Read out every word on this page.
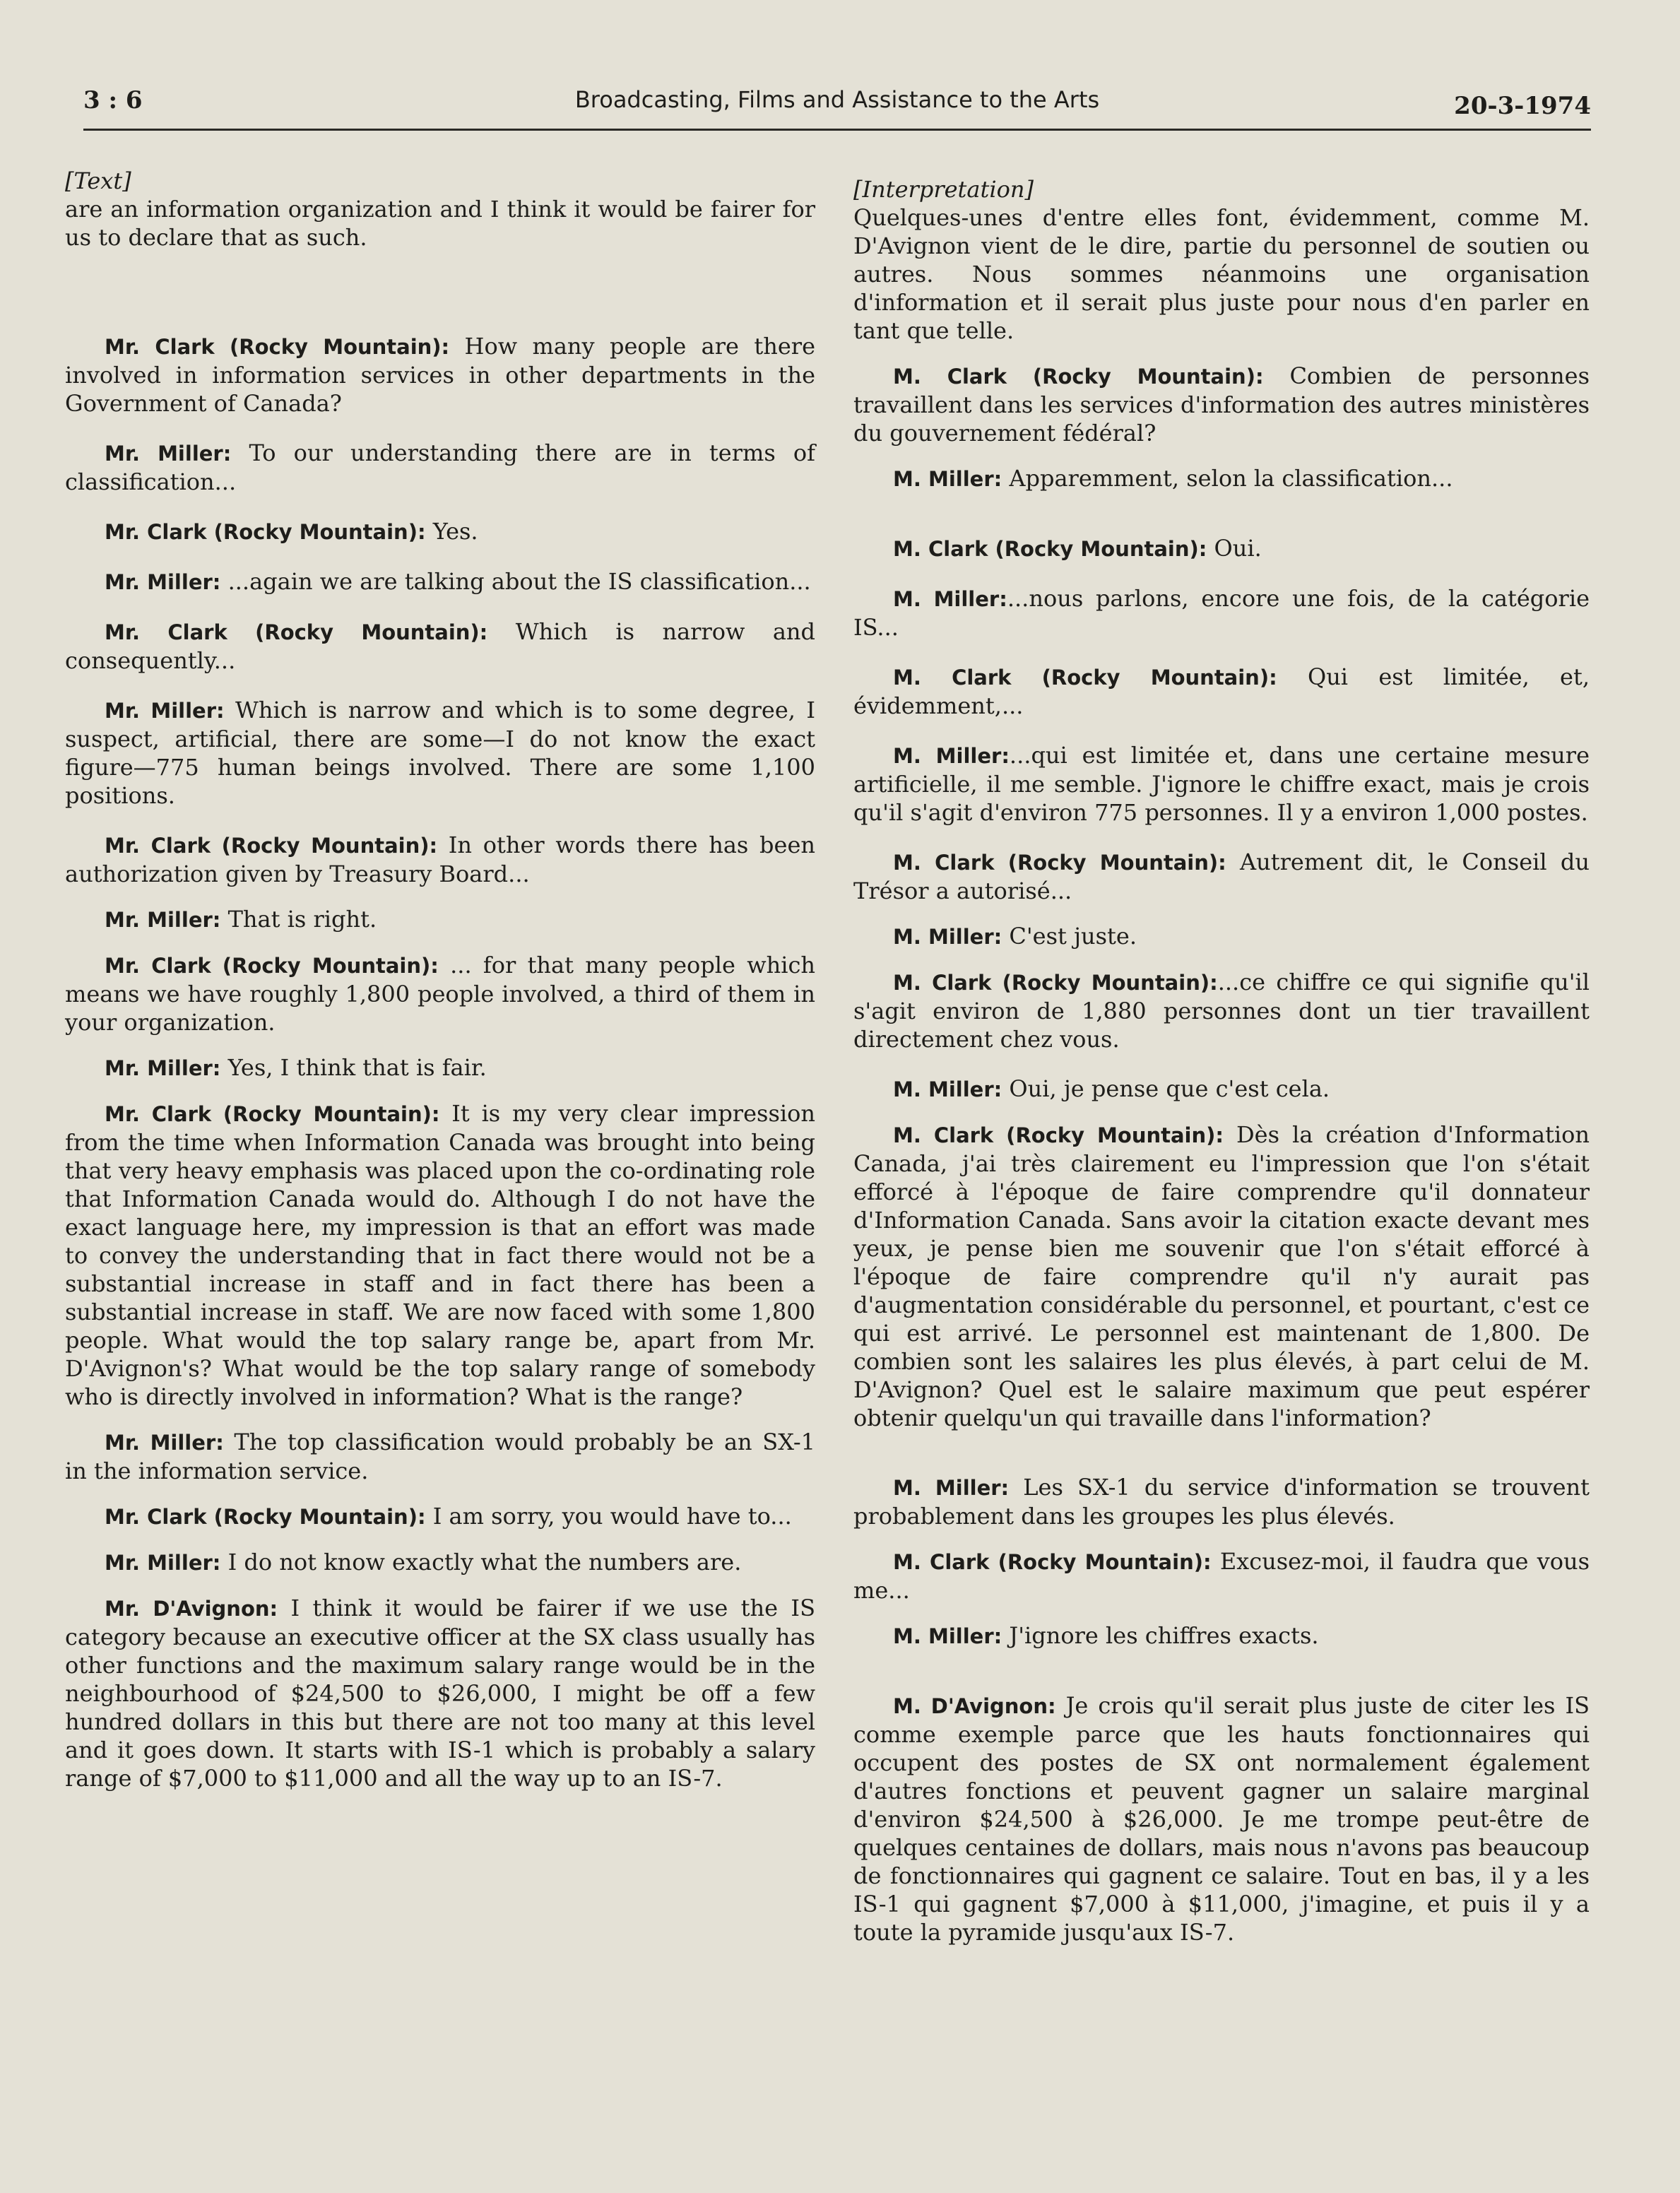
3 : 6	Broadcasting, Films and Assistance to the Arts	20-3-1974
[Text]

are an information organization and I think it would be fairer for us to declare that as such.

Mr. Clark (Rocky Mountain): How many people are there involved in information services in other departments in the Government of Canada?

Mr. Miller: To our understanding there are in terms of classification...

Mr. Clark (Rocky Mountain): Yes.

Mr. Miller: ...again we are talking about the IS classification...

Mr. Clark (Rocky Mountain): Which is narrow and consequently...

Mr. Miller: Which is narrow and which is to some degree, I suspect, artificial, there are some—I do not know the exact figure—775 human beings involved. There are some 1,100 positions.

Mr. Clark (Rocky Mountain): In other words there has been authorization given by Treasury Board...

Mr. Miller: That is right.

Mr. Clark (Rocky Mountain): ... for that many people which means we have roughly 1,800 people involved, a third of them in your organization.

Mr. Miller: Yes, I think that is fair.

Mr. Clark (Rocky Mountain): It is my very clear impression from the time when Information Canada was brought into being that very heavy emphasis was placed upon the co-ordinating role that Information Canada would do. Although I do not have the exact language here, my impression is that an effort was made to convey the understanding that in fact there would not be a substantial increase in staff and in fact there has been a substantial increase in staff. We are now faced with some 1,800 people. What would the top salary range be, apart from Mr. D'Avignon's? What would be the top salary range of somebody who is directly involved in information? What is the range?

Mr. Miller: The top classification would probably be an SX-1 in the information service.

Mr. Clark (Rocky Mountain): I am sorry, you would have to...

Mr. Miller: I do not know exactly what the numbers are.

Mr. D'Avignon: I think it would be fairer if we use the IS category because an executive officer at the SX class usually has other functions and the maximum salary range would be in the neighbourhood of $24,500 to $26,000, I might be off a few hundred dollars in this but there are not too many at this level and it goes down. It starts with IS-1 which is probably a salary range of $7,000 to $11,000 and all the way up to an IS-7.

[Interpretation]

Quelques-unes d'entre elles font, évidemment, comme M. D'Avignon vient de le dire, partie du personnel de soutien ou autres. Nous sommes néanmoins une organisation d'information et il serait plus juste pour nous d'en parler en tant que telle.

M. Clark (Rocky Mountain): Combien de personnes travaillent dans les services d'information des autres ministères du gouvernement fédéral?

M. Miller: Apparemment, selon la classification...

M. Clark (Rocky Mountain): Oui.

M. Miller:...nous parlons, encore une fois, de la catégorie IS...

M. Clark (Rocky Mountain): Qui est limitée, et, évidemment,...

M. Miller:...qui est limitée et, dans une certaine mesure artificielle, il me semble. J'ignore le chiffre exact, mais je crois qu'il s'agit d'environ 775 personnes. Il y a environ 1,000 postes.

M. Clark (Rocky Mountain): Autrement dit, le Conseil du Trésor a autorisé...

M. Miller: C'est juste.

M. Clark (Rocky Mountain):...ce chiffre ce qui signifie qu'il s'agit environ de 1,880 personnes dont un tier travaillent directement chez vous.

M. Miller: Oui, je pense que c'est cela.

M. Clark (Rocky Mountain): Dès la création d'Information Canada, j'ai très clairement eu l'impression que l'on s'était efforcé à l'époque de faire comprendre qu'il donnateur d'Information Canada. Sans avoir la citation exacte devant mes yeux, je pense bien me souvenir que l'on s'était efforcé à l'époque de faire comprendre qu'il n'y aurait pas d'augmentation considérable du personnel, et pourtant, c'est ce qui est arrivé. Le personnel est maintenant de 1,800. De combien sont les salaires les plus élevés, à part celui de M. D'Avignon? Quel est le salaire maximum que peut espérer obtenir quelqu'un qui travaille dans l'information?

M. Miller: Les SX-1 du service d'information se trouvent probablement dans les groupes les plus élevés.

M. Clark (Rocky Mountain): Excusez-moi, il faudra que vous me...

M. Miller: J'ignore les chiffres exacts.

M. D'Avignon: Je crois qu'il serait plus juste de citer les IS comme exemple parce que les hauts fonctionnaires qui occupent des postes de SX ont normalement également d'autres fonctions et peuvent gagner un salaire marginal d'environ $24,500 à $26,000. Je me trompe peut-être de quelques centaines de dollars, mais nous n'avons pas beaucoup de fonctionnaires qui gagnent ce salaire. Tout en bas, il y a les IS-1 qui gagnent $7,000 à $11,000, j'imagine, et puis il y a toute la pyramide jusqu'aux IS-7.
